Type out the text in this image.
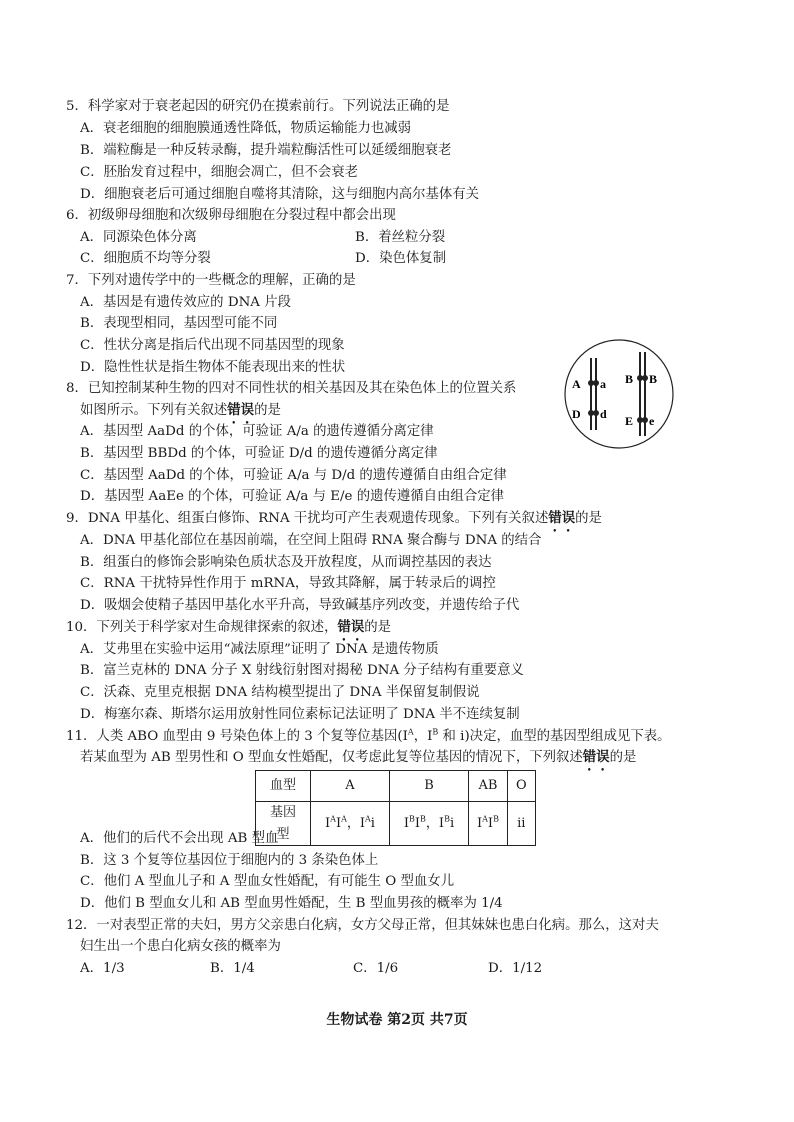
5．科学家对于衰老起因的研究仍在摸索前行。下列说法正确的是
A．衰老细胞的细胞膜通透性降低，物质运输能力也减弱
B．端粒酶是一种反转录酶，提升端粒酶活性可以延缓细胞衰老
C．胚胎发育过程中，细胞会凋亡，但不会衰老
D．细胞衰老后可通过细胞自噬将其清除，这与细胞内高尔基体有关
6．初级卵母细胞和次级卵母细胞在分裂过程中都会出现
A．同源染色体分离	B．着丝粒分裂
C．细胞质不均等分裂	D．染色体复制
7．下列对遗传学中的一些概念的理解，正确的是
A．基因是有遗传效应的 DNA 片段
B．表现型相同，基因型可能不同
C．性状分离是指后代出现不同基因型的现象
D．隐性性状是指生物体不能表现出来的性状
8．已知控制某种生物的四对不同性状的相关基因及其在染色体上的位置关系
如图所示。下列有关叙述错误的是
A．基因型 AaDd 的个体，可验证 A/a 的遗传遵循分离定律
B．基因型 BBDd 的个体，可验证 D/d 的遗传遵循分离定律
C．基因型 AaDd 的个体，可验证 A/a 与 D/d 的遗传遵循自由组合定律
D．基因型 AaEe 的个体，可验证 A/a 与 E/e 的遗传遵循自由组合定律
A a
D d
B B
E e
9．DNA 甲基化、组蛋白修饰、RNA 干扰均可产生表观遗传现象。下列有关叙述错误的是
A．DNA 甲基化部位在基因前端，在空间上阻碍 RNA 聚合酶与 DNA 的结合
B．组蛋白的修饰会影响染色质状态及开放程度，从而调控基因的表达
C．RNA 干扰特异性作用于 mRNA，导致其降解，属于转录后的调控
D．吸烟会使精子基因甲基化水平升高，导致碱基序列改变，并遗传给子代
10．下列关于科学家对生命规律探索的叙述，错误的是
A．艾弗里在实验中运用“减法原理”证明了 DNA 是遗传物质
B．富兰克林的 DNA 分子 X 射线衍射图对揭秘 DNA 分子结构有重要意义
C．沃森、克里克根据 DNA 结构模型提出了 DNA 半保留复制假说
D．梅塞尔森、斯塔尔运用放射性同位素标记法证明了 DNA 半不连续复制
11．人类 ABO 血型由 9 号染色体上的 3 个复等位基因($I^A$，$I^B$ 和 i)决定，血型的基因型组成见下表。
若某血型为 AB 型男性和 O 型血女性婚配，仅考虑此复等位基因的情况下，下列叙述错误的是
血型	A	B	AB	O
基因型	$I^AI^A$，$I^Ai$	$I^BI^B$，$I^Bi$	$I^AI^B$	ii
A．他们的后代不会出现 AB 型血
B．这 3 个复等位基因位于细胞内的 3 条染色体上
C．他们 A 型血儿子和 A 型血女性婚配，有可能生 O 型血女儿
D．他们 B 型血女儿和 AB 型血男性婚配，生 B 型血男孩的概率为 1/4
12．一对表型正常的夫妇，男方父亲患白化病，女方父母正常，但其妹妹也患白化病。那么，这对夫
妇生出一个患白化病女孩的概率为
A．1/3	B．1/4	C．1/6	D．1/12
生物试卷 第2页 共7页
